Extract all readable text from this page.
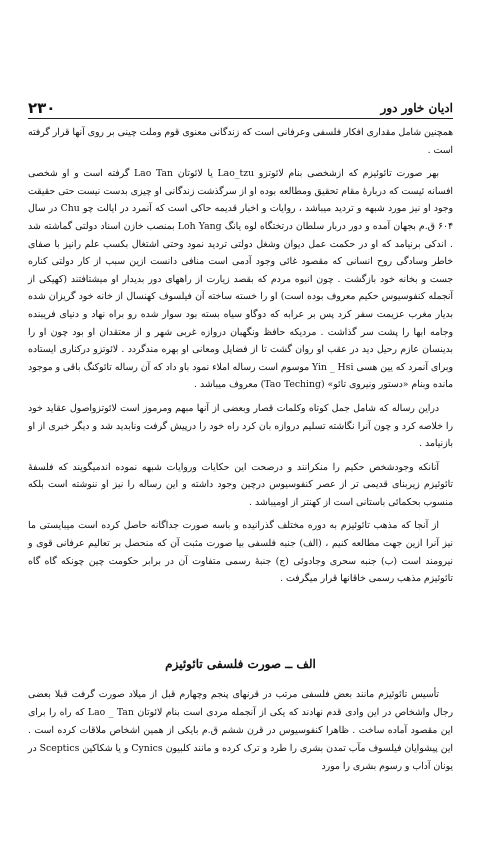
۲۳۰	ادیان خاور دور

همچنین شامل مقداری افکار فلسفی وعرفانی است که زندگانی معنوی قوم وملت چینی بر روی آنها قرار گرفته است .

بهر صورت تائوئیزم که ازشخصی بنام لائوتزو Lao_tzu یا لائوتان Lao Tan گرفته است و او شخصی افسانه ئیست که دربارهٔ مقام تحقیق ومطالعه بوده او از سرگذشت زندگانی او چیزی بدست نیست حتی حقیقت وجود او نیز مورد شبهه و تردید میباشد ، روایات و اخبار قدیمه حاکی است که آنمرد در ایالت چو Chu در سال ۶۰۴ ق.م بجهان آمده و دور دربار سلطان درتختگاه لوه یانگ Loh Yang بمنصب خازن اسناد دولتی گماشته شد . اندکی برنیامد که او در حکمت عمل دیوان وشغل دولتی تردید نمود وحتی اشتغال بکسب علم رانیز با صفای خاطر وسادگی روح انسانی که مقصود غائی وجود آدمی است منافی دانست ازین سبب از کار دولتی کناره جست و بخانه خود بازگشت . چون انبوه مردم که بقصد زیارت از راههای دور بدیدار او میشتافتند (کهیکی از آنجمله کنفوسیوس حکیم معروف بوده است) او را خسته ساخته آن فیلسوف کهنسال از خانه خود گریزان شده بدیار مغرب عزیمت سفر کرد پس بر عرابه که دوگاو سیاه بسته بود سوار شده رو براه نهاد و دنیای فریبنده وجامه ابها را پشت سر گذاشت . مردیکه حافظ ونگهبان دروازه غربی شهر و از معتقدان او بود چون او را بدینسان عازم رحیل دید در عقب او روان گشت تا از فضایل ومعانی او بهره مندگردد . لائوتزو درکناری ایستاده وبرای آنمرد که یین هسی Yin _ Hsi موسوم است رساله املاء نمود باو داد که آن رساله تائوکنگ باقی و موجود مانده وبنام «دستور ونیروی تائو» (Tao Teching) معروف میباشد .

دراین رساله که شامل جمل کوتاه وکلمات قصار وبعضی از آنها مبهم ومرموز است لائوتزواصول عقاید خود را خلاصه کرد و چون آنرا نگاشته تسلیم دروازه بان کرد راه خود را درپیش گرفت ونابدید شد و دیگر خبری از او بازنیامد .

آنانکه وجودشخص حکیم را منکرانند و درصحت این حکایات وروایات شبهه نموده اندمیگویند که فلسفهٔ تائوئیزم زیربنای قدیمی تر از عصر کنفوسیوس درچین وجود داشته و این رساله را نیز او ننوشته است بلکه منسوب بحکمائی باستانی است از کهنتر از اومیباشد .

از آنجا که مذهب تائوئیزم به دوره مختلف گذرانیده و باسه صورت جداگانه حاصل کرده است میبایستی ما نیز آنرا ازین جهت مطالعه کنیم ، (الف) جنبه فلسفی بیا صورت مثبت آن که منحصل بر تعالیم عرفانی قوی و نیرومند است (ب) جنبه سحری وجادوئی (ج) جنبهٔ رسمی متفاوت آن در برابر حکومت چین چونکه گاه گاه تائوئیزم مذهب رسمی خاقانها قرار میگرفت .

الف ــ صورت فلسفی تائوئیزم

تأسیس تائوئیزم مانند بعض فلسفی مرتب در قرنهای پنجم وچهارم قبل از میلاد صورت گرفت قبلا بعضی رجال واشخاص در این وادی قدم نهادند که یکی از آنجمله مردی است بنام لائوتان Lao _ Tan که راه را برای این مقصود آماده ساخت . ظاهرا کنفوسیوس در قرن ششم ق.م بایکی از همین اشخاص ملاقات کرده است . این پیشوایان فیلسوف مآب تمدن بشری را طرد و ترک کرده و مانند کلبیون Cynics و یا شکاکین Sceptics در یونان آداب و رسوم بشری را مورد
